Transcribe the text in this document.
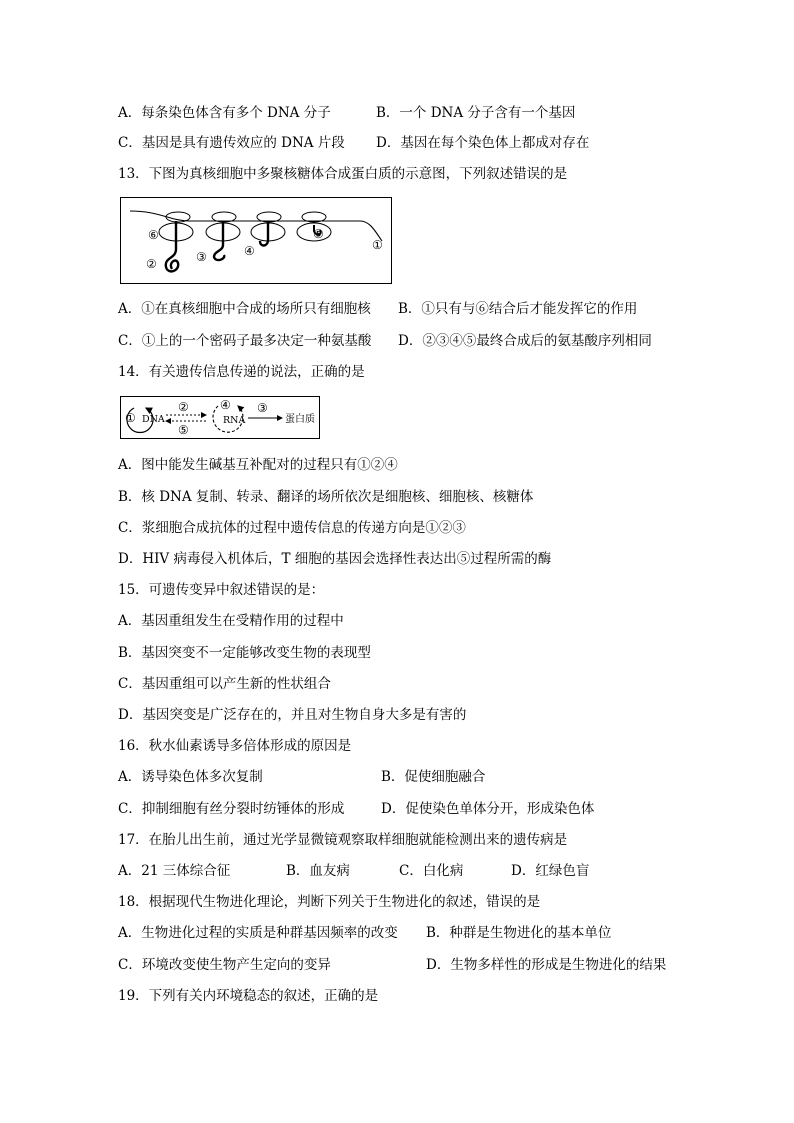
A．每条染色体含有多个 DNA 分子	B．一个 DNA 分子含有一个基因
C．基因是具有遗传效应的 DNA 片段 D．基因在每个染色体上都成对存在
13．下图为真核细胞中多聚核糖体合成蛋白质的示意图，下列叙述错误的是
⑥
②	③	④
⑤
①
A．①在真核细胞中合成的场所只有细胞核 B．①只有与⑥结合后才能发挥它的作用
C．①上的一个密码子最多决定一种氨基酸 D．②③④⑤最终合成后的氨基酸序列相同
14．有关遗传信息传递的说法，正确的是
① DNA
②
⑤
④
RNA
③
蛋白质
A．图中能发生碱基互补配对的过程只有①②④
B．核 DNA 复制、转录、翻译的场所依次是细胞核、细胞核、核糖体
C．浆细胞合成抗体的过程中遗传信息的传递方向是①②③
D．HIV 病毒侵入机体后，T 细胞的基因会选择性表达出⑤过程所需的酶
15．可遗传变异中叙述错误的是：
A．基因重组发生在受精作用的过程中
B．基因突变不一定能够改变生物的表现型
C．基因重组可以产生新的性状组合
D．基因突变是广泛存在的，并且对生物自身大多是有害的
16．秋水仙素诱导多倍体形成的原因是
A．诱导染色体多次复制	B．促使细胞融合
C．抑制细胞有丝分裂时纺锤体的形成	D．促使染色单体分开，形成染色体
17．在胎儿出生前，通过光学显微镜观察取样细胞就能检测出来的遗传病是
A．21 三体综合征	B．血友病	C．白化病	D．红绿色盲
18．根据现代生物进化理论，判断下列关于生物进化的叙述，错误的是
A．生物进化过程的实质是种群基因频率的改变 B．种群是生物进化的基本单位
C．环境改变使生物产生定向的变异	D．生物多样性的形成是生物进化的结果
19．下列有关内环境稳态的叙述，正确的是
